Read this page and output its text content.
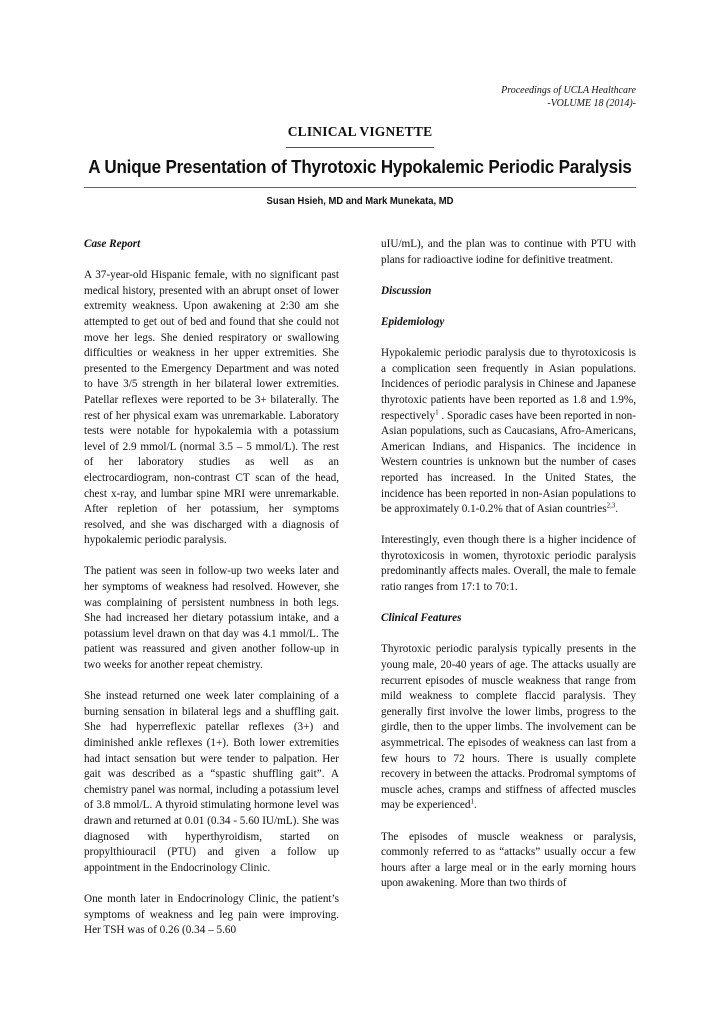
Proceedings of UCLA Healthcare
-VOLUME 18 (2014)-
CLINICAL VIGNETTE
A Unique Presentation of Thyrotoxic Hypokalemic Periodic Paralysis
Susan Hsieh, MD and Mark Munekata, MD
Case Report

A 37-year-old Hispanic female, with no significant past medical history, presented with an abrupt onset of lower extremity weakness. Upon awakening at 2:30 am she attempted to get out of bed and found that she could not move her legs. She denied respiratory or swallowing difficulties or weakness in her upper extremities. She presented to the Emergency Department and was noted to have 3/5 strength in her bilateral lower extremities. Patellar reflexes were reported to be 3+ bilaterally. The rest of her physical exam was unremarkable. Laboratory tests were notable for hypokalemia with a potassium level of 2.9 mmol/L (normal 3.5 – 5 mmol/L). The rest of her laboratory studies as well as an electrocardiogram, non-contrast CT scan of the head, chest x-ray, and lumbar spine MRI were unremarkable. After repletion of her potassium, her symptoms resolved, and she was discharged with a diagnosis of hypokalemic periodic paralysis.

The patient was seen in follow-up two weeks later and her symptoms of weakness had resolved. However, she was complaining of persistent numbness in both legs. She had increased her dietary potassium intake, and a potassium level drawn on that day was 4.1 mmol/L. The patient was reassured and given another follow-up in two weeks for another repeat chemistry.

She instead returned one week later complaining of a burning sensation in bilateral legs and a shuffling gait. She had hyperreflexic patellar reflexes (3+) and diminished ankle reflexes (1+). Both lower extremities had intact sensation but were tender to palpation. Her gait was described as a “spastic shuffling gait”. A chemistry panel was normal, including a potassium level of 3.8 mmol/L. A thyroid stimulating hormone level was drawn and returned at 0.01 (0.34 - 5.60 IU/mL). She was diagnosed with hyperthyroidism, started on propylthiouracil (PTU) and given a follow up appointment in the Endocrinology Clinic.

One month later in Endocrinology Clinic, the patient’s symptoms of weakness and leg pain were improving. Her TSH was of 0.26 (0.34 – 5.60

uIU/mL), and the plan was to continue with PTU with plans for radioactive iodine for definitive treatment.

Discussion
Epidemiology

Hypokalemic periodic paralysis due to thyrotoxicosis is a complication seen frequently in Asian populations. Incidences of periodic paralysis in Chinese and Japanese thyrotoxic patients have been reported as 1.8 and 1.9%, respectively$^1$ . Sporadic cases have been reported in non-Asian populations, such as Caucasians, Afro-Americans, American Indians, and Hispanics. The incidence in Western countries is unknown but the number of cases reported has increased. In the United States, the incidence has been reported in non-Asian populations to be approximately 0.1-0.2% that of Asian countries$^{2,3}$.

Interestingly, even though there is a higher incidence of thyrotoxicosis in women, thyrotoxic periodic paralysis predominantly affects males. Overall, the male to female ratio ranges from 17:1 to 70:1.

Clinical Features

Thyrotoxic periodic paralysis typically presents in the young male, 20-40 years of age. The attacks usually are recurrent episodes of muscle weakness that range from mild weakness to complete flaccid paralysis. They generally first involve the lower limbs, progress to the girdle, then to the upper limbs. The involvement can be asymmetrical. The episodes of weakness can last from a few hours to 72 hours. There is usually complete recovery in between the attacks. Prodromal symptoms of muscle aches, cramps and stiffness of affected muscles may be experienced$^1$.

The episodes of muscle weakness or paralysis, commonly referred to as “attacks” usually occur a few hours after a large meal or in the early morning hours upon awakening. More than two thirds of
